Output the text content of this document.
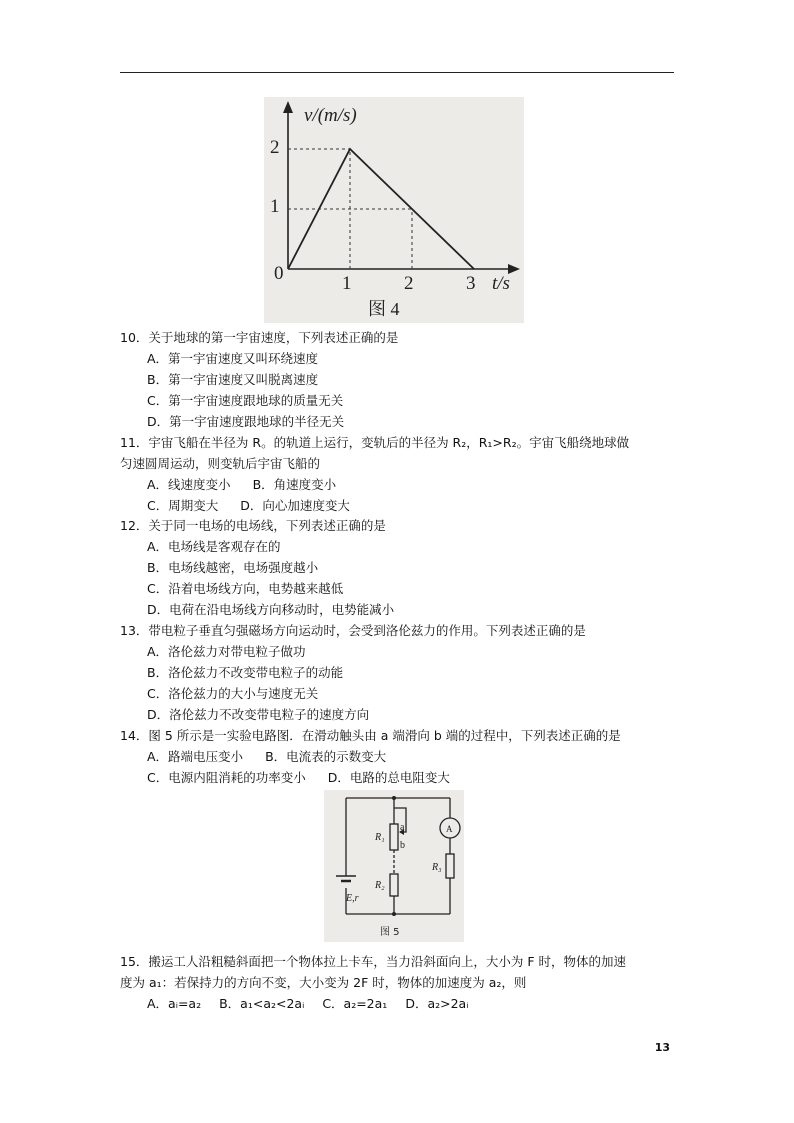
v/(m/s)
t/s
0
1
2
1	2	3
图 4
10．关于地球的第一宇宙速度，下列表述正确的是
A．第一宇宙速度又叫环绕速度
B．第一宇宙速度又叫脱离速度
C．第一宇宙速度跟地球的质量无关
D．第一宇宙速度跟地球的半径无关
11．宇宙飞船在半径为 R。的轨道上运行，变轨后的半径为 R₂，R₁>R₂。宇宙飞船绕地球做
匀速圆周运动，则变轨后宇宙飞船的
A．线速度变小 B．角速度变小
C．周期变大 D．向心加速度变大
12．关于同一电场的电场线，下列表述正确的是
A．电场线是客观存在的
B．电场线越密，电场强度越小
C．沿着电场线方向，电势越来越低
D．电荷在沿电场线方向移动时，电势能减小
13．带电粒子垂直匀强磁场方向运动时，会受到洛伦兹力的作用。下列表述正确的是
A．洛伦兹力对带电粒子做功
B．洛伦兹力不改变带电粒子的动能
C．洛伦兹力的大小与速度无关
D．洛伦兹力不改变带电粒子的速度方向
14．图 5 所示是一实验电路图．在滑动触头由 a 端滑向 b 端的过程中，下列表述正确的是
A．路端电压变小 B．电流表的示数变大
C．电源内阻消耗的功率变小 D．电路的总电阻变大
R₁
a
b
R₂
R₃
A
E,r
图 5
15．搬运工人沿粗糙斜面把一个物体拉上卡车，当力沿斜面向上，大小为 F 时，物体的加速
度为 a₁：若保持力的方向不变，大小变为 2F 时，物体的加速度为 a₂，则
A．aᵢ=a₂ B．a₁<a₂<2aᵢ C．a₂=2a₁ D．a₂>2aᵢ
13
